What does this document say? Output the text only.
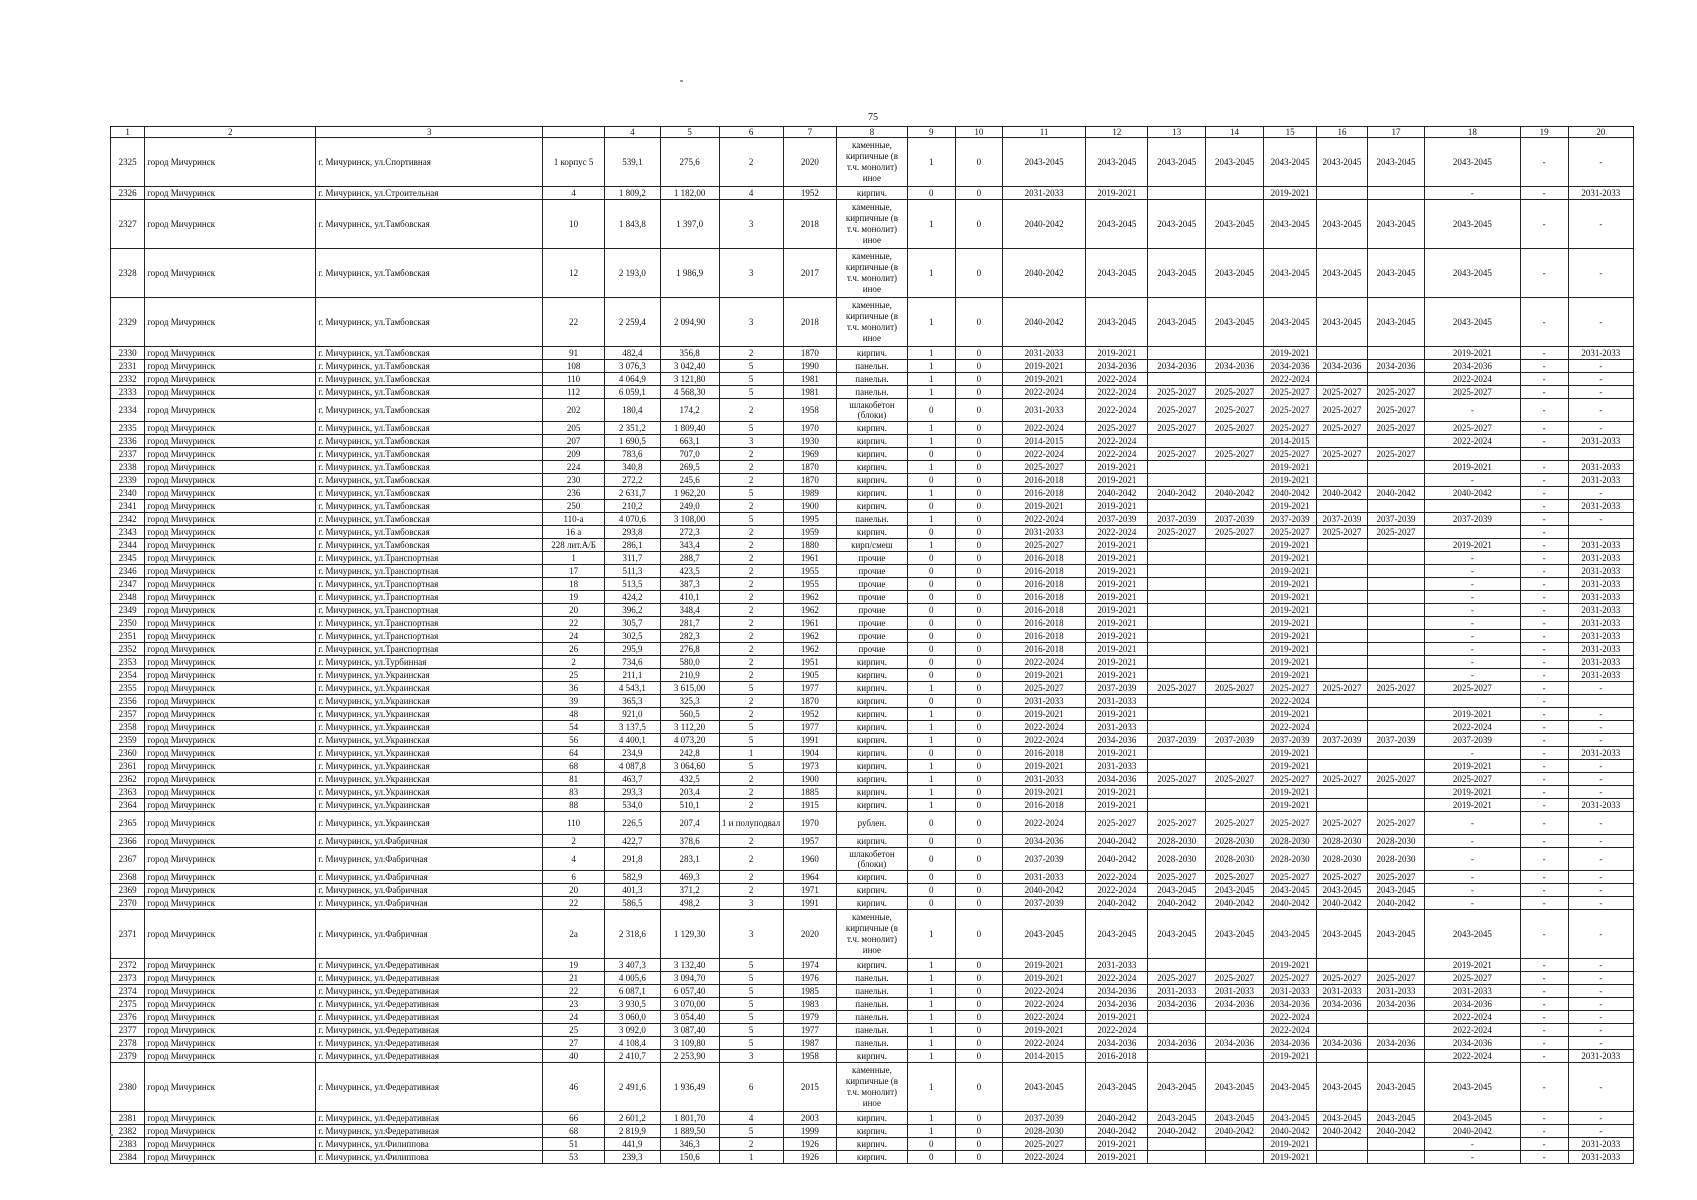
75
1	2	3		4	5	6	7	8	9	10	11	12	13	14	15	16	17	18	19	20
2325	город Мичуринск	г. Мичуринск, ул.Спортивная	1 корпус 5	539,1	275,6	2	2020	каменные, кирпичные (в т.ч. монолит) иное	1	0	2043-2045	2043-2045	2043-2045	2043-2045	2043-2045	2043-2045	2043-2045	2043-2045	-	-
2326	город Мичуринск	г. Мичуринск, ул.Строительная	4	1 809,2	1 182,00	4	1952	кирпич.	0	0	2031-2033	2019-2021			2019-2021			-	-	2031-2033
2327	город Мичуринск	г. Мичуринск, ул.Тамбовская	10	1 843,8	1 397,0	3	2018	каменные, кирпичные (в т.ч. монолит) иное	1	0	2040-2042	2043-2045	2043-2045	2043-2045	2043-2045	2043-2045	2043-2045	2043-2045	-	-
2328	город Мичуринск	г. Мичуринск, ул.Тамбовская	12	2 193,0	1 986,9	3	2017	каменные, кирпичные (в т.ч. монолит) иное	1	0	2040-2042	2043-2045	2043-2045	2043-2045	2043-2045	2043-2045	2043-2045	2043-2045	-	-
2329	город Мичуринск	г. Мичуринск, ул.Тамбовская	22	2 259,4	2 094,90	3	2018	каменные, кирпичные (в т.ч. монолит) иное	1	0	2040-2042	2043-2045	2043-2045	2043-2045	2043-2045	2043-2045	2043-2045	2043-2045	-	-
2330	город Мичуринск	г. Мичуринск, ул.Тамбовская	91	482,4	356,8	2	1870	кирпич.	1	0	2031-2033	2019-2021			2019-2021			2019-2021	-	2031-2033
2331	город Мичуринск	г. Мичуринск, ул.Тамбовская	108	3 076,3	3 042,40	5	1990	панельн.	1	0	2019-2021	2034-2036	2034-2036	2034-2036	2034-2036	2034-2036	2034-2036	2034-2036	-	-
2332	город Мичуринск	г. Мичуринск, ул.Тамбовская	110	4 064,9	3 121,80	5	1981	панельн.	1	0	2019-2021	2022-2024			2022-2024			2022-2024	-	-
2333	город Мичуринск	г. Мичуринск, ул.Тамбовская	112	6 059,1	4 568,30	5	1981	панельн.	1	0	2022-2024	2022-2024	2025-2027	2025-2027	2025-2027	2025-2027	2025-2027	2025-2027	-	-
2334	город Мичуринск	г. Мичуринск, ул.Тамбовская	202	180,4	174,2	2	1958	шлакобетон (блоки)	0	0	2031-2033	2022-2024	2025-2027	2025-2027	2025-2027	2025-2027	2025-2027	-	-	-
2335	город Мичуринск	г. Мичуринск, ул.Тамбовская	205	2 351,2	1 809,40	5	1970	кирпич.	1	0	2022-2024	2025-2027	2025-2027	2025-2027	2025-2027	2025-2027	2025-2027	2025-2027	-	-
2336	город Мичуринск	г. Мичуринск, ул.Тамбовская	207	1 690,5	663,1	3	1930	кирпич.	1	0	2014-2015	2022-2024			2014-2015			2022-2024	-	2031-2033
2337	город Мичуринск	г. Мичуринск, ул.Тамбовская	209	783,6	707,0	2	1969	кирпич.	0	0	2022-2024	2022-2024	2025-2027	2025-2027	2025-2027	2025-2027	2025-2027			
2338	город Мичуринск	г. Мичуринск, ул.Тамбовская	224	340,8	269,5	2	1870	кирпич.	1	0	2025-2027	2019-2021			2019-2021			2019-2021	-	2031-2033
2339	город Мичуринск	г. Мичуринск, ул.Тамбовская	230	272,2	245,6	2	1870	кирпич.	0	0	2016-2018	2019-2021			2019-2021			-	-	2031-2033
2340	город Мичуринск	г. Мичуринск, ул.Тамбовская	236	2 631,7	1 962,20	5	1989	кирпич.	1	0	2016-2018	2040-2042	2040-2042	2040-2042	2040-2042	2040-2042	2040-2042	2040-2042	-	-
2341	город Мичуринск	г. Мичуринск, ул.Тамбовская	250	210,2	249,0	2	1900	кирпич.	0	0	2019-2021	2019-2021			2019-2021				-	2031-2033
2342	город Мичуринск	г. Мичуринск, ул.Тамбовская	110-а	4 070,6	3 108,00	5	1995	панельн.	1	0	2022-2024	2037-2039	2037-2039	2037-2039	2037-2039	2037-2039	2037-2039	2037-2039	-	-
2343	город Мичуринск	г. Мичуринск, ул.Тамбовская	16 а	293,8	272,3	2	1959	кирпич.	0	0	2031-2033	2022-2024	2025-2027	2025-2027	2025-2027	2025-2027	2025-2027		-	
2344	город Мичуринск	г. Мичуринск, ул.Тамбовская	228 лит.А/Б	286,1	343,4	2	1880	кирп/смеш	1	0	2025-2027	2019-2021			2019-2021			2019-2021	-	2031-2033
2345	город Мичуринск	г. Мичуринск, ул.Транспортная	1	311,7	288,7	2	1961	прочие	0	0	2016-2018	2019-2021			2019-2021			-	-	2031-2033
2346	город Мичуринск	г. Мичуринск, ул.Транспортная	17	511,3	423,5	2	1955	прочие	0	0	2016-2018	2019-2021			2019-2021			-	-	2031-2033
2347	город Мичуринск	г. Мичуринск, ул.Транспортная	18	513,5	387,3	2	1955	прочие	0	0	2016-2018	2019-2021			2019-2021			-	-	2031-2033
2348	город Мичуринск	г. Мичуринск, ул.Транспортная	19	424,2	410,1	2	1962	прочие	0	0	2016-2018	2019-2021			2019-2021			-	-	2031-2033
2349	город Мичуринск	г. Мичуринск, ул.Транспортная	20	396,2	348,4	2	1962	прочие	0	0	2016-2018	2019-2021			2019-2021			-	-	2031-2033
2350	город Мичуринск	г. Мичуринск, ул.Транспортная	22	305,7	281,7	2	1961	прочие	0	0	2016-2018	2019-2021			2019-2021			-	-	2031-2033
2351	город Мичуринск	г. Мичуринск, ул.Транспортная	24	302,5	282,3	2	1962	прочие	0	0	2016-2018	2019-2021			2019-2021			-	-	2031-2033
2352	город Мичуринск	г. Мичуринск, ул.Транспортная	26	295,9	276,8	2	1962	прочие	0	0	2016-2018	2019-2021			2019-2021			-	-	2031-2033
2353	город Мичуринск	г. Мичуринск, ул.Турбинная	2	734,6	580,0	2	1951	кирпич.	0	0	2022-2024	2019-2021			2019-2021			-	-	2031-2033
2354	город Мичуринск	г. Мичуринск, ул.Украинская	25	211,1	210,9	2	1905	кирпич.	0	0	2019-2021	2019-2021			2019-2021			-	-	2031-2033
2355	город Мичуринск	г. Мичуринск, ул.Украинская	36	4 543,1	3 615,00	5	1977	кирпич.	1	0	2025-2027	2037-2039	2025-2027	2025-2027	2025-2027	2025-2027	2025-2027	2025-2027	-	-
2356	город Мичуринск	г. Мичуринск, ул.Украинская	39	365,3	325,3	2	1870	кирпич.	0	0	2031-2033	2031-2033			2022-2024				-	
2357	город Мичуринск	г. Мичуринск, ул.Украинская	48	921,0	560,5	2	1952	кирпич.	1	0	2019-2021	2019-2021			2019-2021			2019-2021	-	-
2358	город Мичуринск	г. Мичуринск, ул.Украинская	54	3 137,5	3 112,20	5	1977	кирпич.	1	0	2022-2024	2031-2033			2022-2024			2022-2024	-	-
2359	город Мичуринск	г. Мичуринск, ул.Украинская	56	4 400,1	4 073,20	5	1991	кирпич.	1	0	2022-2024	2034-2036	2037-2039	2037-2039	2037-2039	2037-2039	2037-2039	2037-2039	-	-
2360	город Мичуринск	г. Мичуринск, ул.Украинская	64	234,9	242,8	1	1904	кирпич.	0	0	2016-2018	2019-2021			2019-2021			-	-	2031-2033
2361	город Мичуринск	г. Мичуринск, ул.Украинская	68	4 087,8	3 064,60	5	1973	кирпич.	1	0	2019-2021	2031-2033			2019-2021			2019-2021	-	-
2362	город Мичуринск	г. Мичуринск, ул.Украинская	81	463,7	432,5	2	1900	кирпич.	1	0	2031-2033	2034-2036	2025-2027	2025-2027	2025-2027	2025-2027	2025-2027	2025-2027	-	-
2363	город Мичуринск	г. Мичуринск, ул.Украинская	83	293,3	203,4	2	1885	кирпич.	1	0	2019-2021	2019-2021			2019-2021			2019-2021	-	-
2364	город Мичуринск	г. Мичуринск, ул.Украинская	88	534,0	510,1	2	1915	кирпич.	1	0	2016-2018	2019-2021			2019-2021			2019-2021	-	2031-2033
2365	город Мичуринск	г. Мичуринск, ул.Украинская	110	226,5	207,4	1 и полуподвал	1970	рублен.	0	0	2022-2024	2025-2027	2025-2027	2025-2027	2025-2027	2025-2027	2025-2027	-	-	-
2366	город Мичуринск	г. Мичуринск, ул.Фабричная	2	422,7	378,6	2	1957	кирпич.	0	0	2034-2036	2040-2042	2028-2030	2028-2030	2028-2030	2028-2030	2028-2030	-	-	-
2367	город Мичуринск	г. Мичуринск, ул.Фабричная	4	291,8	283,1	2	1960	шлакобетон (блоки)	0	0	2037-2039	2040-2042	2028-2030	2028-2030	2028-2030	2028-2030	2028-2030	-	-	-
2368	город Мичуринск	г. Мичуринск, ул.Фабричная	6	582,9	469,3	2	1964	кирпич.	0	0	2031-2033	2022-2024	2025-2027	2025-2027	2025-2027	2025-2027	2025-2027	-	-	-
2369	город Мичуринск	г. Мичуринск, ул.Фабричная	20	401,3	371,2	2	1971	кирпич.	0	0	2040-2042	2022-2024	2043-2045	2043-2045	2043-2045	2043-2045	2043-2045	-	-	-
2370	город Мичуринск	г. Мичуринск, ул.Фабричная	22	586,5	498,2	3	1991	кирпич.	0	0	2037-2039	2040-2042	2040-2042	2040-2042	2040-2042	2040-2042	2040-2042	-	-	-
2371	город Мичуринск	г. Мичуринск, ул.Фабричная	2а	2 318,6	1 129,30	3	2020	каменные, кирпичные (в т.ч. монолит) иное	1	0	2043-2045	2043-2045	2043-2045	2043-2045	2043-2045	2043-2045	2043-2045	2043-2045	-	-
2372	город Мичуринск	г. Мичуринск, ул.Федеративная	19	3 407,3	3 132,40	5	1974	кирпич.	1	0	2019-2021	2031-2033			2019-2021			2019-2021	-	-
2373	город Мичуринск	г. Мичуринск, ул.Федеративная	21	4 005,6	3 094,70	5	1976	панельн.	1	0	2019-2021	2022-2024	2025-2027	2025-2027	2025-2027	2025-2027	2025-2027	2025-2027	-	-
2374	город Мичуринск	г. Мичуринск, ул.Федеративная	22	6 087,1	6 057,40	5	1985	панельн.	1	0	2022-2024	2034-2036	2031-2033	2031-2033	2031-2033	2031-2033	2031-2033	2031-2033	-	-
2375	город Мичуринск	г. Мичуринск, ул.Федеративная	23	3 930,5	3 070,00	5	1983	панельн.	1	0	2022-2024	2034-2036	2034-2036	2034-2036	2034-2036	2034-2036	2034-2036	2034-2036	-	-
2376	город Мичуринск	г. Мичуринск, ул.Федеративная	24	3 060,0	3 054,40	5	1979	панельн.	1	0	2022-2024	2019-2021			2022-2024			2022-2024	-	-
2377	город Мичуринск	г. Мичуринск, ул.Федеративная	25	3 092,0	3 087,40	5	1977	панельн.	1	0	2019-2021	2022-2024			2022-2024			2022-2024	-	-
2378	город Мичуринск	г. Мичуринск, ул.Федеративная	27	4 108,4	3 109,80	5	1987	панельн.	1	0	2022-2024	2034-2036	2034-2036	2034-2036	2034-2036	2034-2036	2034-2036	2034-2036	-	-
2379	город Мичуринск	г. Мичуринск, ул.Федеративная	40	2 410,7	2 253,90	3	1958	кирпич.	1	0	2014-2015	2016-2018			2019-2021			2022-2024	-	2031-2033
2380	город Мичуринск	г. Мичуринск, ул.Федеративная	46	2 491,6	1 936,49	6	2015	каменные, кирпичные (в т.ч. монолит) иное	1	0	2043-2045	2043-2045	2043-2045	2043-2045	2043-2045	2043-2045	2043-2045	2043-2045	-	-
2381	город Мичуринск	г. Мичуринск, ул.Федеративная	66	2 601,2	1 801,70	4	2003	кирпич.	1	0	2037-2039	2040-2042	2043-2045	2043-2045	2043-2045	2043-2045	2043-2045	2043-2045	-	-
2382	город Мичуринск	г. Мичуринск, ул.Федеративная	68	2 819,9	1 889,50	5	1999	кирпич.	1	0	2028-2030	2040-2042	2040-2042	2040-2042	2040-2042	2040-2042	2040-2042	2040-2042	-	-
2383	город Мичуринск	г. Мичуринск, ул.Филиппова	51	441,9	346,3	2	1926	кирпич.	0	0	2025-2027	2019-2021			2019-2021			-	-	2031-2033
2384	город Мичуринск	г. Мичуринск, ул.Филиппова	53	239,3	150,6	1	1926	кирпич.	0	0	2022-2024	2019-2021			2019-2021			-	-	2031-2033
